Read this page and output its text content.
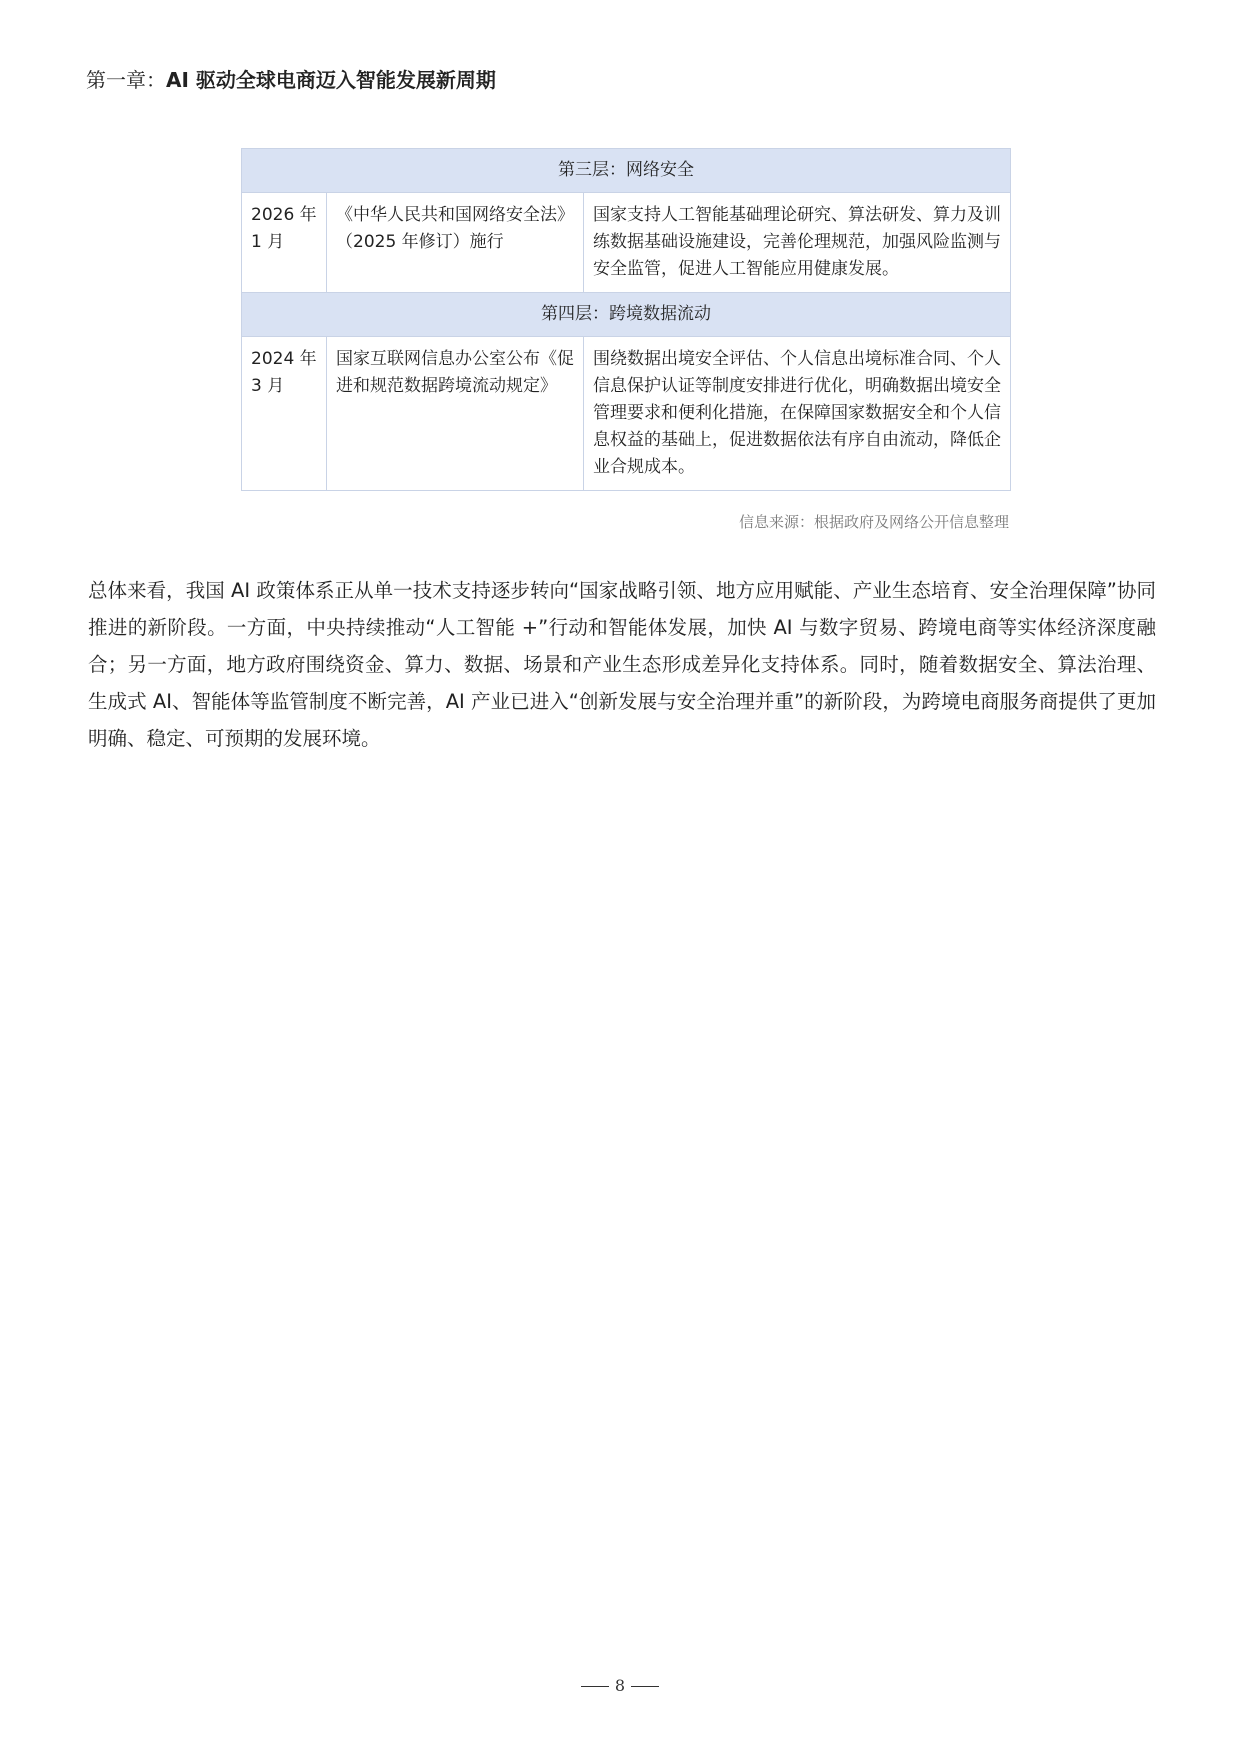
第一章：AI 驱动全球电商迈入智能发展新周期
第三层：网络安全		
2026 年 1 月	《中华人民共和国网络安全法》（2025 年修订）施行	国家支持人工智能基础理论研究、算法研发、算力及训练数据基础设施建设，完善伦理规范，加强风险监测与安全监管，促进人工智能应用健康发展。
第四层：跨境数据流动		
2024 年 3 月	国家互联网信息办公室公布《促进和规范数据跨境流动规定》	围绕数据出境安全评估、个人信息出境标准合同、个人信息保护认证等制度安排进行优化，明确数据出境安全管理要求和便利化措施，在保障国家数据安全和个人信息权益的基础上，促进数据依法有序自由流动，降低企业合规成本。
信息来源：根据政府及网络公开信息整理

总体来看，我国 AI 政策体系正从单一技术支持逐步转向“国家战略引领、地方应用赋能、产业生态培育、安全治理保障”协同推进的新阶段。一方面，中央持续推动“人工智能 +”行动和智能体发展，加快 AI 与数字贸易、跨境电商等实体经济深度融合；另一方面，地方政府围绕资金、算力、数据、场景和产业生态形成差异化支持体系。同时，随着数据安全、算法治理、生成式 AI、智能体等监管制度不断完善，AI 产业已进入“创新发展与安全治理并重”的新阶段，为跨境电商服务商提供了更加明确、稳定、可预期的发展环境。

8
